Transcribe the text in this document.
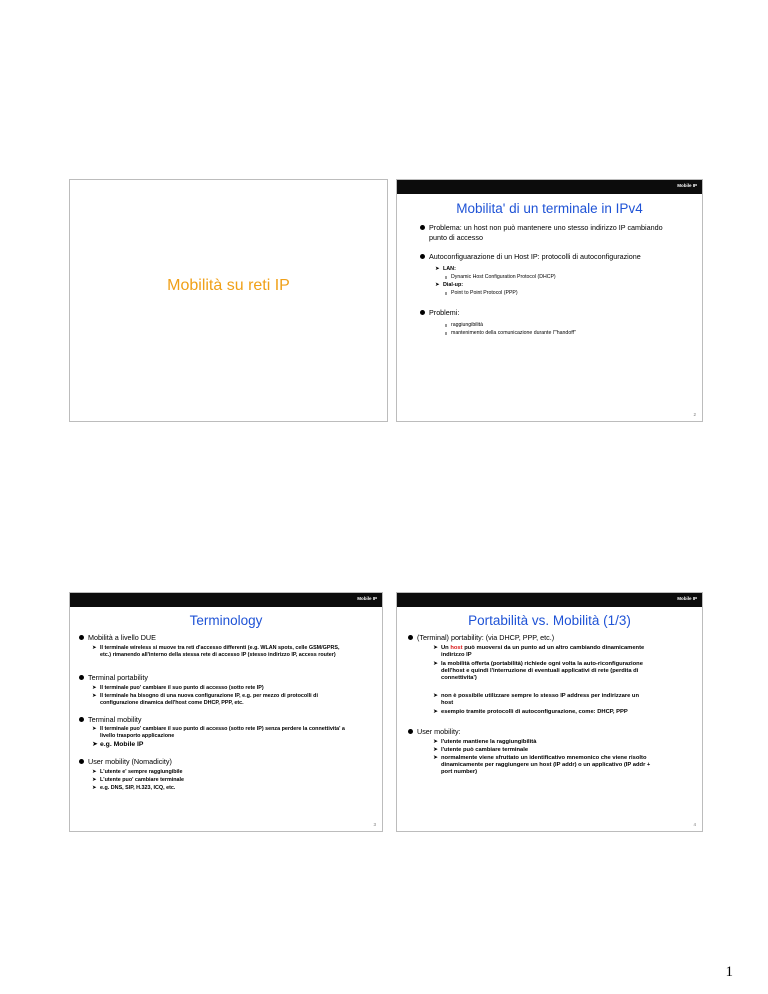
Mobilità su reti IP
Mobile IP
Mobilita' di un terminale in IPv4
Problema: un host non può mantenere uno stesso indirizzo IP cambiando punto di accesso
Autoconfiguarazione di un Host IP: protocolli di autoconfigurazione
➤ LAN:
Dynamic Host Configuration Protocol (DHCP)
➤ Dial-up:
Point to Point Protocol (PPP)
Problemi:
raggiungibilità
mantenimento della comunicazione durante l'"handoff"
2
Mobile IP
Terminology
Mobilità a livello DUE
➤ Il terminale wireless si muove tra reti d'accesso differenti (e.g. WLAN spots, celle GSM/GPRS, etc.) rimanendo all'interno della stessa rete di accesso IP (stesso indirizzo IP, access router)
Terminal portability
➤ Il terminale puo' cambiare il suo punto di accesso (sotto rete IP)
➤ Il terminale ha bisogno di una nuova configurazione IP, e.g. per mezzo di protocolli di configurazione dinamica dell'host come DHCP, PPP, etc.
Terminal mobility
➤ Il terminale puo' cambiare il suo punto di accesso (sotto rete IP) senza perdere la connettivita' a livello trasporto applicazione
➤ e.g. Mobile IP
User mobility (Nomadicity)
➤ L'utente e' sempre raggiungibile
➤ L'utente puo' cambiare terminale
➤ e.g. DNS, SIP, H.323, ICQ, etc.
3
Mobile IP
Portabilità vs. Mobilità (1/3)
(Terminal) portability: (via DHCP, PPP, etc.)
➤ Un host può muoversi da un punto ad un altro cambiando dinamicamente indirizzo IP
➤ la mobilità offerta (portabilità) richiede ogni volta la auto-riconfigurazione dell'host e quindi l'interruzione di eventuali applicativi di rete (perdita di connettivita')
➤ non è possibile utilizzare sempre lo stesso IP address per indirizzare un host
➤ esempio tramite protocolli di autoconfigurazione, come: DHCP, PPP
User mobility:
➤ l'utente mantiene la raggiungibilità
➤ l'utente può cambiare terminale
➤ normalmente viene sfruttato un identificativo mnemonico che viene risolto dinamicamente per raggiungere un host (IP addr) o un applicativo (IP addr + port number)
4
1
